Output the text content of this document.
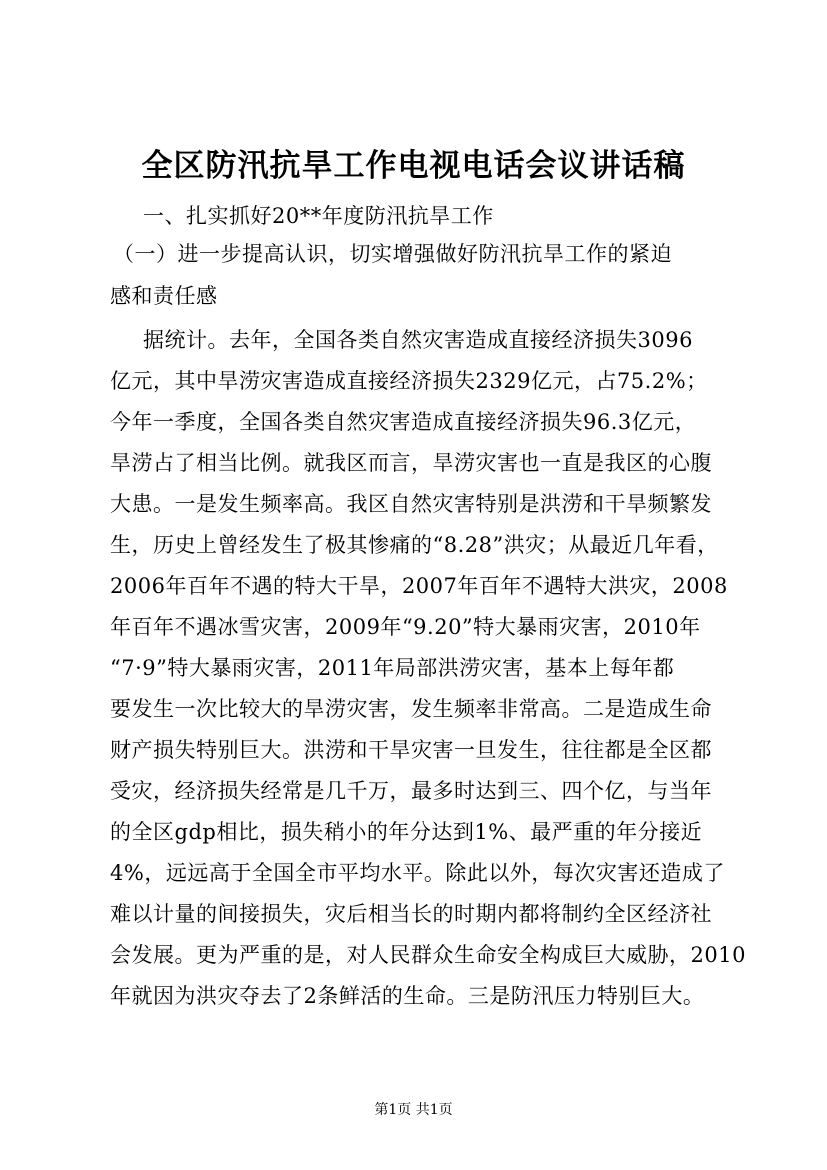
全区防汛抗旱工作电视电话会议讲话稿
一、扎实抓好20**年度防汛抗旱工作
（一）进一步提高认识，切实增强做好防汛抗旱工作的紧迫
感和责任感
据统计。去年，全国各类自然灾害造成直接经济损失3096
亿元，其中旱涝灾害造成直接经济损失2329亿元，占75.2%；
今年一季度，全国各类自然灾害造成直接经济损失96.3亿元，
旱涝占了相当比例。就我区而言，旱涝灾害也一直是我区的心腹
大患。一是发生频率高。我区自然灾害特别是洪涝和干旱频繁发
生，历史上曾经发生了极其惨痛的“8.28”洪灾；从最近几年看，
2006年百年不遇的特大干旱，2007年百年不遇特大洪灾，2008
年百年不遇冰雪灾害，2009年“9.20”特大暴雨灾害，2010年
“7·9”特大暴雨灾害，2011年局部洪涝灾害，基本上每年都
要发生一次比较大的旱涝灾害，发生频率非常高。二是造成生命
财产损失特别巨大。洪涝和干旱灾害一旦发生，往往都是全区都
受灾，经济损失经常是几千万，最多时达到三、四个亿，与当年
的全区gdp相比，损失稍小的年分达到1%、最严重的年分接近
4%，远远高于全国全市平均水平。除此以外，每次灾害还造成了
难以计量的间接损失，灾后相当长的时期内都将制约全区经济社
会发展。更为严重的是，对人民群众生命安全构成巨大威胁，2010
年就因为洪灾夺去了2条鲜活的生命。三是防汛压力特别巨大。
第1页 共1页
